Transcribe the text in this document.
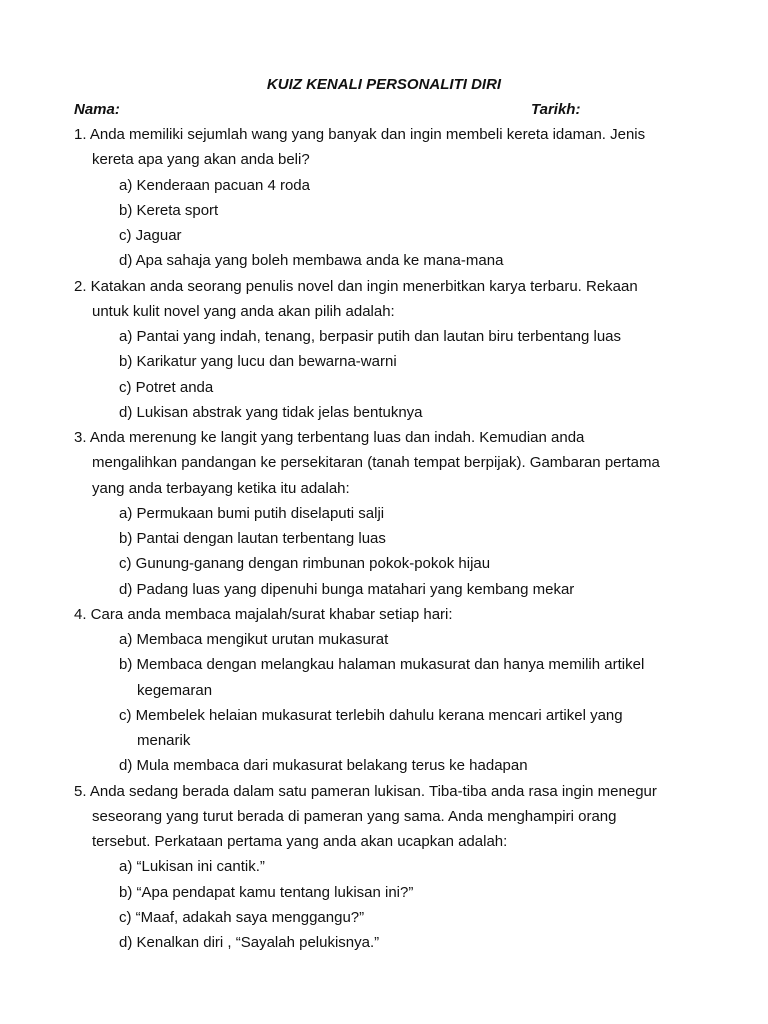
KUIZ KENALI PERSONALITI DIRI
Nama:	Tarikh:
1. Anda memiliki sejumlah wang yang banyak dan ingin membeli kereta idaman. Jenis
kereta apa yang akan anda beli?
a) Kenderaan pacuan 4 roda
b) Kereta sport
c) Jaguar
d) Apa sahaja yang boleh membawa anda ke mana-mana
2. Katakan anda seorang penulis novel dan ingin menerbitkan karya terbaru. Rekaan
untuk kulit novel yang anda akan pilih adalah:
a) Pantai yang indah, tenang, berpasir putih dan lautan biru terbentang luas
b) Karikatur yang lucu dan bewarna-warni
c) Potret anda
d) Lukisan abstrak yang tidak jelas bentuknya
3. Anda merenung ke langit yang terbentang luas dan indah. Kemudian anda
mengalihkan pandangan ke persekitaran (tanah tempat berpijak). Gambaran pertama
yang anda terbayang ketika itu adalah:
a) Permukaan bumi putih diselaputi salji
b) Pantai dengan lautan terbentang luas
c) Gunung-ganang dengan rimbunan pokok-pokok hijau
d) Padang luas yang dipenuhi bunga matahari yang kembang mekar
4. Cara anda membaca majalah/surat khabar setiap hari:
a) Membaca mengikut urutan mukasurat
b) Membaca dengan melangkau halaman mukasurat dan hanya memilih artikel
kegemaran
c) Membelek helaian mukasurat terlebih dahulu kerana mencari artikel yang
menarik
d) Mula membaca dari mukasurat belakang terus ke hadapan
5. Anda sedang berada dalam satu pameran lukisan. Tiba-tiba anda rasa ingin menegur
seseorang yang turut berada di pameran yang sama. Anda menghampiri orang
tersebut. Perkataan pertama yang anda akan ucapkan adalah:
a) “Lukisan ini cantik.”
b) “Apa pendapat kamu tentang lukisan ini?”
c) “Maaf, adakah saya menggangu?”
d) Kenalkan diri , “Sayalah pelukisnya.”
